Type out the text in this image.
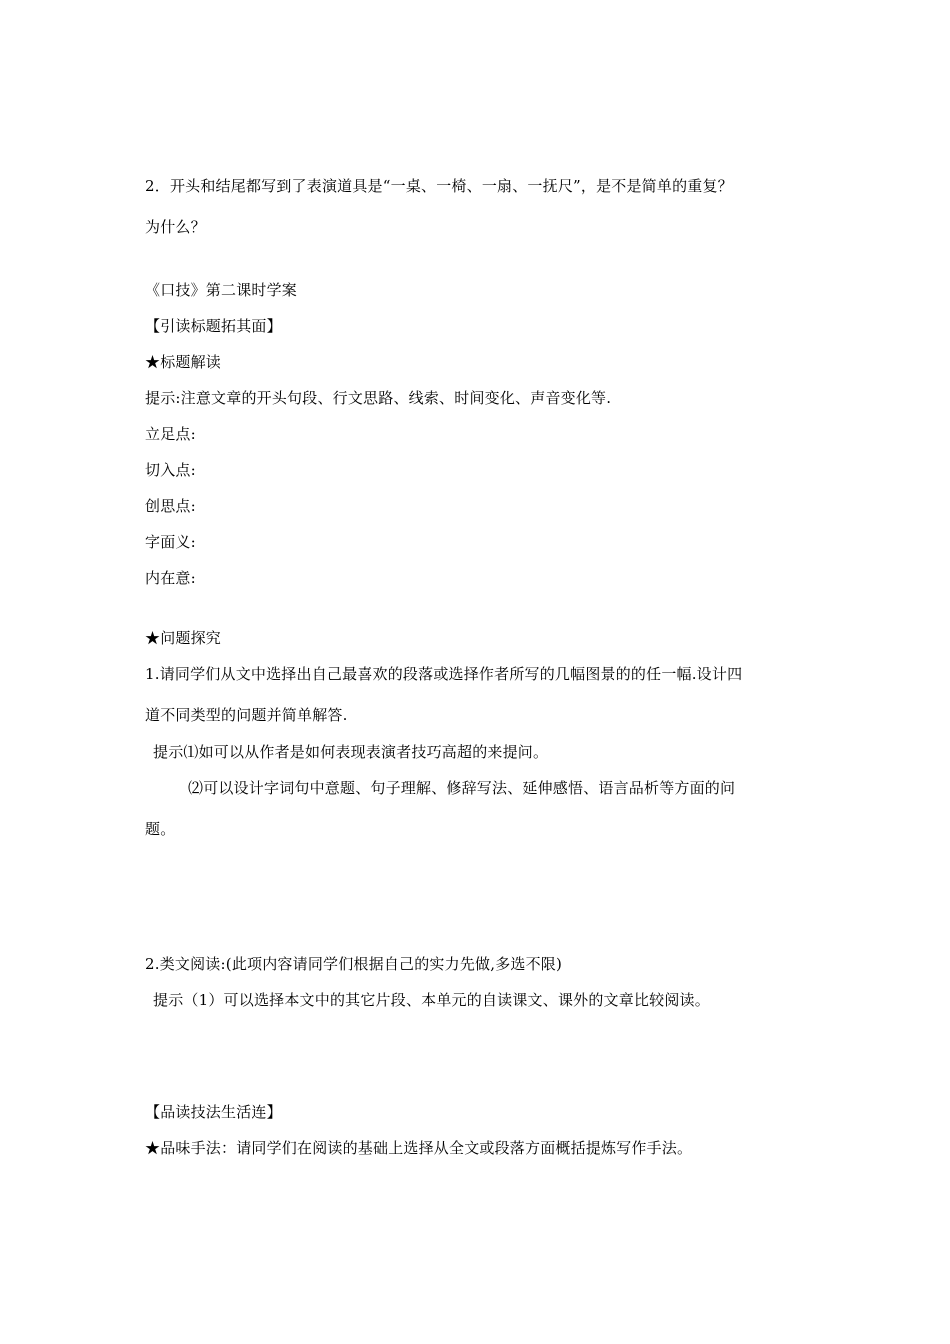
2．开头和结尾都写到了表演道具是“一桌、一椅、一扇、一抚尺”，是不是简单的重复？
为什么？
《口技》第二课时学案
【引读标题拓其面】
★标题解读
提示:注意文章的开头句段、行文思路、线索、时间变化、声音变化等.
立足点:
切入点:
创思点:
字面义:
内在意:
★问题探究
1.请同学们从文中选择出自己最喜欢的段落或选择作者所写的几幅图景的的任一幅.设计四
道不同类型的问题并简单解答.
提示⑴如可以从作者是如何表现表演者技巧高超的来提问。
⑵可以设计字词句中意题、句子理解、修辞写法、延伸感悟、语言品析等方面的问
题。
2.类文阅读:(此项内容请同学们根据自己的实力先做,多选不限)
提示（1）可以选择本文中的其它片段、本单元的自读课文、课外的文章比较阅读。
【品读技法生活连】
★品味手法：请同学们在阅读的基础上选择从全文或段落方面概括提炼写作手法。
